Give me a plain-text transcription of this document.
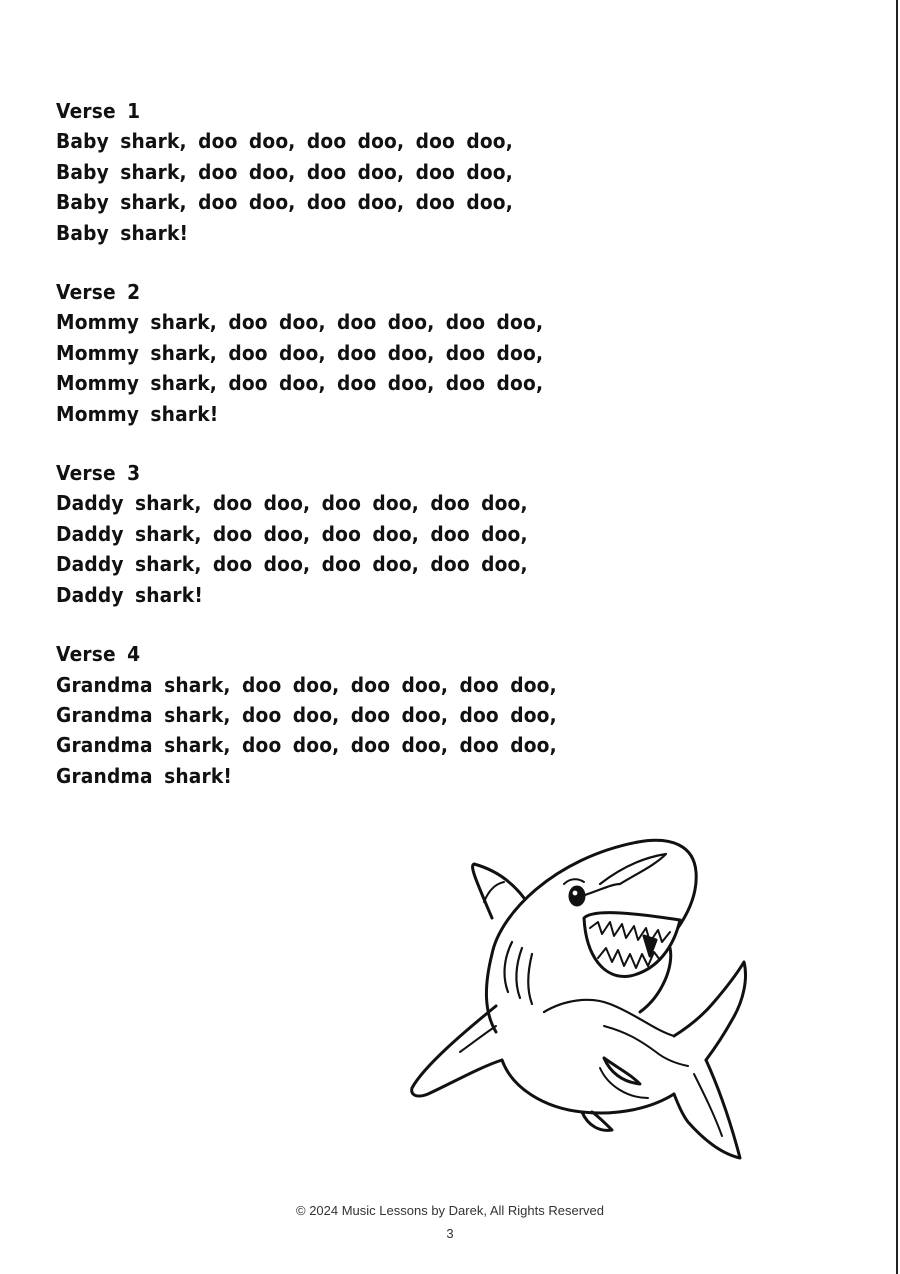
Verse 1
Baby shark, doo doo, doo doo, doo doo,
Baby shark, doo doo, doo doo, doo doo,
Baby shark, doo doo, doo doo, doo doo,
Baby shark!
Verse 2
Mommy shark, doo doo, doo doo, doo doo,
Mommy shark, doo doo, doo doo, doo doo,
Mommy shark, doo doo, doo doo, doo doo,
Mommy shark!
Verse 3
Daddy shark, doo doo, doo doo, doo doo,
Daddy shark, doo doo, doo doo, doo doo,
Daddy shark, doo doo, doo doo, doo doo,
Daddy shark!
Verse 4
Grandma shark, doo doo, doo doo, doo doo,
Grandma shark, doo doo, doo doo, doo doo,
Grandma shark, doo doo, doo doo, doo doo,
Grandma shark!
© 2024 Music Lessons by Darek, All Rights Reserved
3
